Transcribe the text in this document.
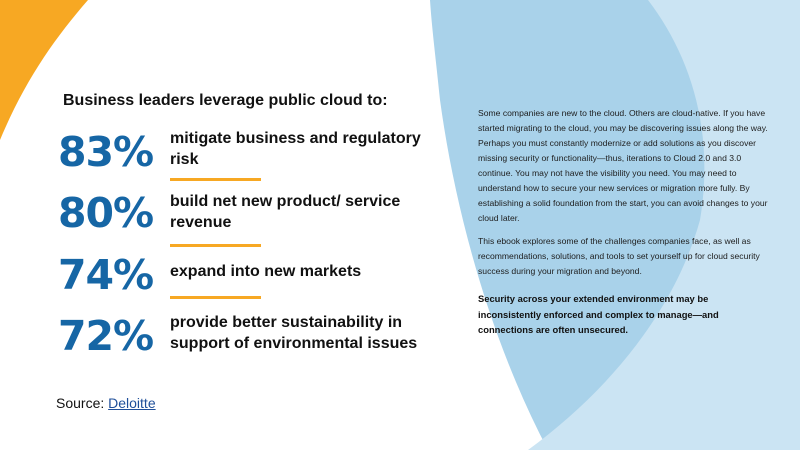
Business leaders leverage public cloud to:
83%	mitigate business and regulatory risk
80%	build net new product/ service revenue
74%	expand into new markets
72%	provide better sustainability in support of environmental issues
Source: Deloitte
Some companies are new to the cloud. Others are cloud-native. If you have started migrating to the cloud, you may be discovering issues along the way. Perhaps you must constantly modernize or add solutions as you discover missing security or functionality—thus, iterations to Cloud 2.0 and 3.0 continue. You may not have the visibility you need. You may need to understand how to secure your new services or migration more fully. By establishing a solid foundation from the start, you can avoid changes to your cloud later.
This ebook explores some of the challenges companies face, as well as recommendations, solutions, and tools to set yourself up for cloud security success during your migration and beyond.
Security across your extended environment may be inconsistently enforced and complex to manage—and connections are often unsecured.
